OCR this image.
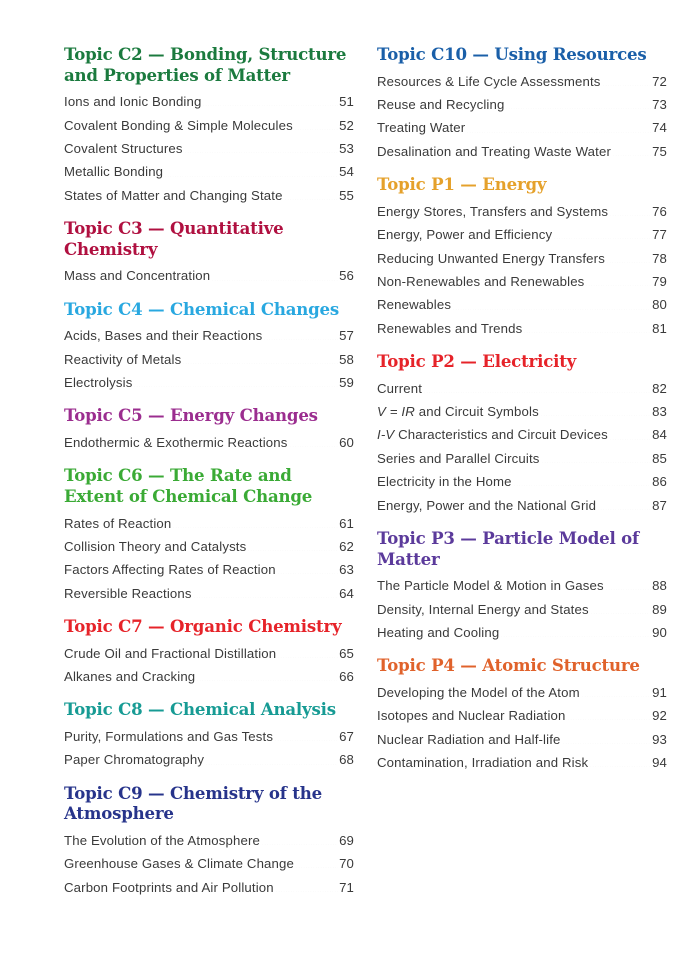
Topic C2 — Bonding, Structure and Properties of Matter
Ions and Ionic Bonding	51
Covalent Bonding & Simple Molecules	52
Covalent Structures	53
Metallic Bonding	54
States of Matter and Changing State	55
Topic C3 — Quantitative Chemistry
Mass and Concentration	56
Topic C4 — Chemical Changes
Acids, Bases and their Reactions	57
Reactivity of Metals	58
Electrolysis	59
Topic C5 — Energy Changes
Endothermic & Exothermic Reactions	60
Topic C6 — The Rate and Extent of Chemical Change
Rates of Reaction	61
Collision Theory and Catalysts	62
Factors Affecting Rates of Reaction	63
Reversible Reactions	64
Topic C7 — Organic Chemistry
Crude Oil and Fractional Distillation	65
Alkanes and Cracking	66
Topic C8 — Chemical Analysis
Purity, Formulations and Gas Tests	67
Paper Chromatography	68
Topic C9 — Chemistry of the Atmosphere
The Evolution of the Atmosphere	69
Greenhouse Gases & Climate Change	70
Carbon Footprints and Air Pollution	71
Topic C10 — Using Resources
Resources & Life Cycle Assessments	72
Reuse and Recycling	73
Treating Water	74
Desalination and Treating Waste Water	75
Topic P1 — Energy
Energy Stores, Transfers and Systems	76
Energy, Power and Efficiency	77
Reducing Unwanted Energy Transfers	78
Non-Renewables and Renewables	79
Renewables	80
Renewables and Trends	81
Topic P2 — Electricity
Current	82
V = IR and Circuit Symbols	83
I-V Characteristics and Circuit Devices	84
Series and Parallel Circuits	85
Electricity in the Home	86
Energy, Power and the National Grid	87
Topic P3 — Particle Model of Matter
The Particle Model & Motion in Gases	88
Density, Internal Energy and States	89
Heating and Cooling	90
Topic P4 — Atomic Structure
Developing the Model of the Atom	91
Isotopes and Nuclear Radiation	92
Nuclear Radiation and Half-life	93
Contamination, Irradiation and Risk	94
